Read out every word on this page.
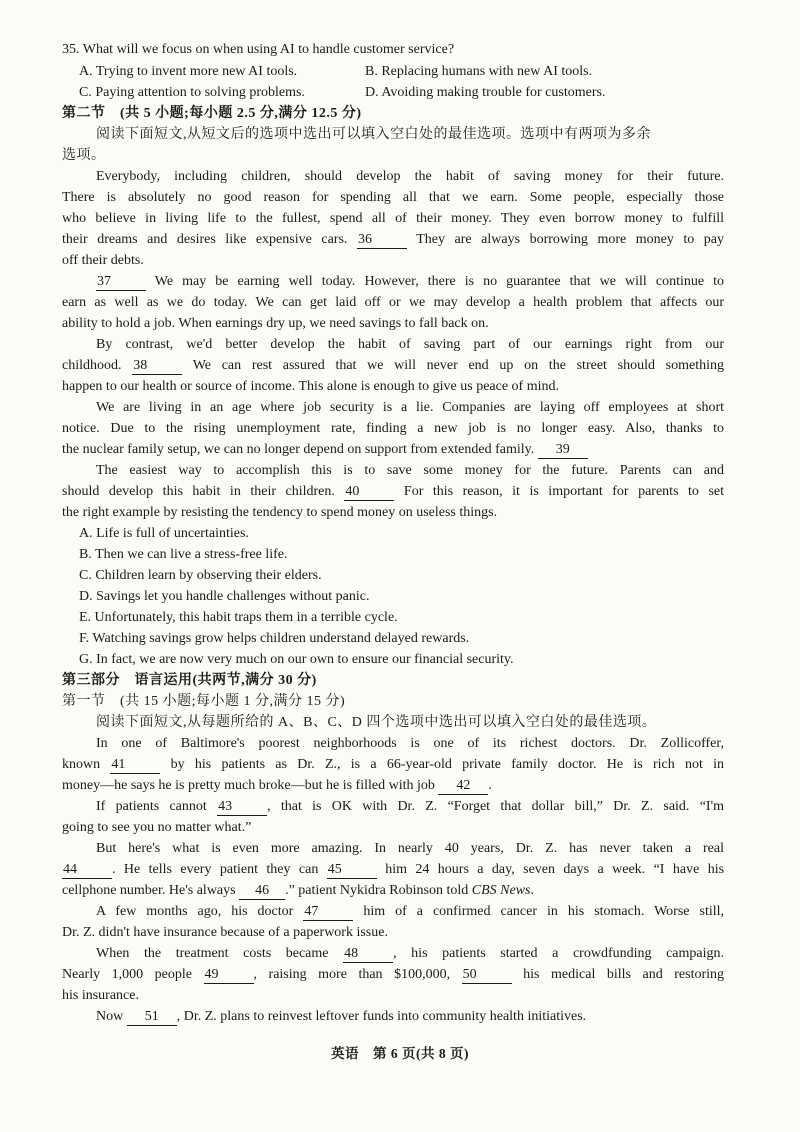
35. What will we focus on when using AI to handle customer service?
A. Trying to invent more new AI tools.	B. Replacing humans with new AI tools.
C. Paying attention to solving problems.	D. Avoiding making trouble for customers.
第二节　(共 5 小题;每小题 2.5 分,满分 12.5 分)
阅读下面短文,从短文后的选项中选出可以填入空白处的最佳选项。选项中有两项为多余
选项。
Everybody, including children, should develop the habit of saving money for their future.
There is absolutely no good reason for spending all that we earn. Some people, especially those
who believe in living life to the fullest, spend all of their money. They even borrow money to fulfill
their dreams and desires like expensive cars. 36	They are always borrowing more money to pay
off their debts.
37	We may be earning well today. However, there is no guarantee that we will continue to
earn as well as we do today. We can get laid off or we may develop a health problem that affects our
ability to hold a job. When earnings dry up, we need savings to fall back on.
By contrast, we'd better develop the habit of saving part of our earnings right from our
childhood. 38	We can rest assured that we will never end up on the street should something
happen to our health or source of income. This alone is enough to give us peace of mind.
We are living in an age where job security is a lie. Companies are laying off employees at short
notice. Due to the rising unemployment rate, finding a new job is no longer easy. Also, thanks to
the nuclear family setup, we can no longer depend on support from extended family. 39
The easiest way to accomplish this is to save some money for the future. Parents can and
should develop this habit in their children. 40	For this reason, it is important for parents to set
the right example by resisting the tendency to spend money on useless things.
A. Life is full of uncertainties.
B. Then we can live a stress-free life.
C. Children learn by observing their elders.
D. Savings let you handle challenges without panic.
E. Unfortunately, this habit traps them in a terrible cycle.
F. Watching savings grow helps children understand delayed rewards.
G. In fact, we are now very much on our own to ensure our financial security.
第三部分　语言运用(共两节,满分 30 分)
第一节　(共 15 小题;每小题 1 分,满分 15 分)
阅读下面短文,从每题所给的 A、B、C、D 四个选项中选出可以填入空白处的最佳选项。
In one of Baltimore's poorest neighborhoods is one of its richest doctors. Dr. Zollicoffer,
known 41	by his patients as Dr. Z., is a 66-year-old private family doctor. He is rich not in
money—he says he is pretty much broke—but he is filled with job 42 .
If patients cannot 43	, that is OK with Dr. Z. “Forget that dollar bill,” Dr. Z. said. “I'm
going to see you no matter what.”
But here's what is even more amazing. In nearly 40 years, Dr. Z. has never taken a real
44	. He tells every patient they can 45	him 24 hours a day, seven days a week. “I have his
cellphone number. He's always 46 .” patient Nykidra Robinson told CBS News.
A few months ago, his doctor 47	him of a confirmed cancer in his stomach. Worse still,
Dr. Z. didn't have insurance because of a paperwork issue.
When the treatment costs became 48	, his patients started a crowdfunding campaign.
Nearly 1,000 people 49	, raising more than $100,000, 50	his medical bills and restoring
his insurance.
Now 51 , Dr. Z. plans to reinvest leftover funds into community health initiatives.
英语　第 6 页(共 8 页)
